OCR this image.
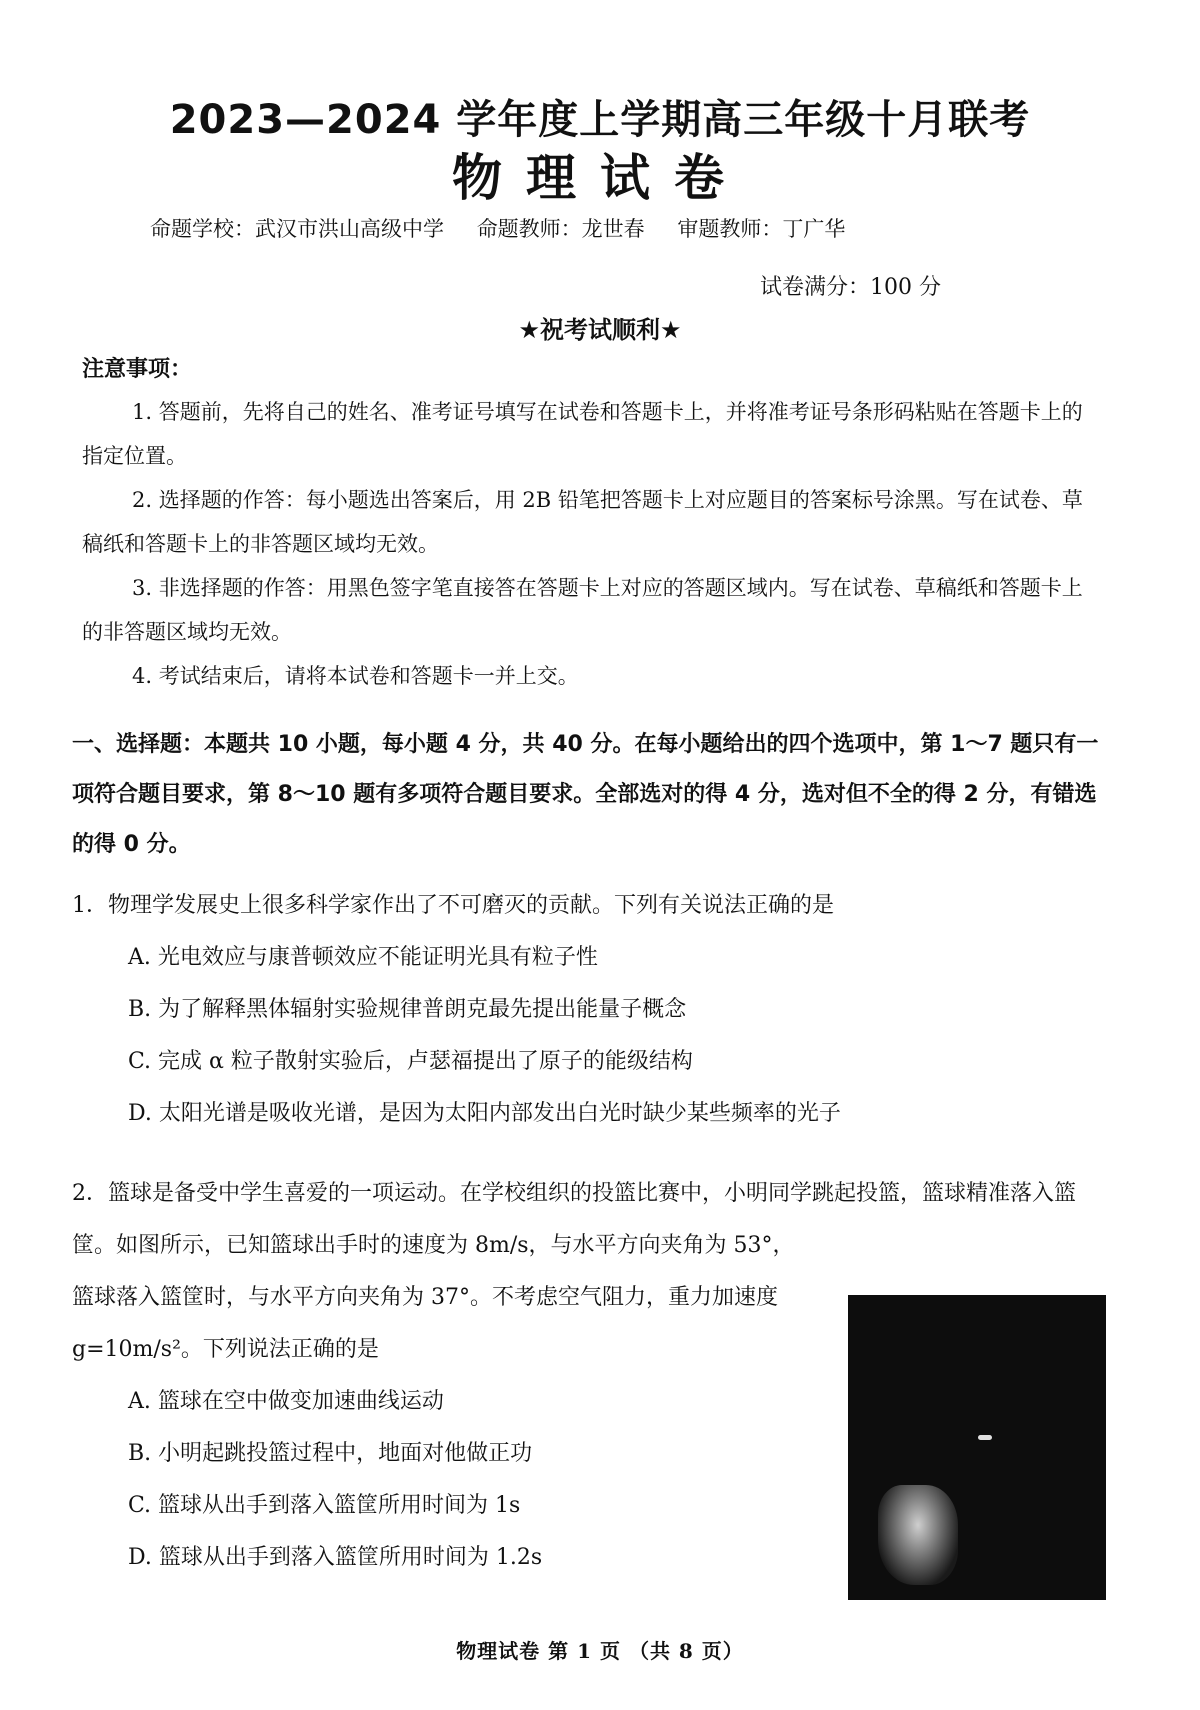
2023—2024 学年度上学期高三年级十月联考
物理试卷
命题学校：武汉市洪山高级中学 命题教师：龙世春 审题教师：丁广华
试卷满分：100 分
★祝考试顺利★
注意事项：

1. 答题前，先将自己的姓名、准考证号填写在试卷和答题卡上，并将准考证号条形码粘贴在答题卡上的指定位置。

2. 选择题的作答：每小题选出答案后，用 2B 铅笔把答题卡上对应题目的答案标号涂黑。写在试卷、草稿纸和答题卡上的非答题区域均无效。

3. 非选择题的作答：用黑色签字笔直接答在答题卡上对应的答题区域内。写在试卷、草稿纸和答题卡上的非答题区域均无效。

4. 考试结束后，请将本试卷和答题卡一并上交。

一、选择题：本题共 10 小题，每小题 4 分，共 40 分。在每小题给出的四个选项中，第 1～7 题只有一项符合题目要求，第 8～10 题有多项符合题目要求。全部选对的得 4 分，选对但不全的得 2 分，有错选的得 0 分。
1．物理学发展史上很多科学家作出了不可磨灭的贡献。下列有关说法正确的是
A. 光电效应与康普顿效应不能证明光具有粒子性
B. 为了解释黑体辐射实验规律普朗克最先提出能量子概念
C. 完成 α 粒子散射实验后，卢瑟福提出了原子的能级结构
D. 太阳光谱是吸收光谱，是因为太阳内部发出白光时缺少某些频率的光子
2．篮球是备受中学生喜爱的一项运动。在学校组织的投篮比赛中，小明同学跳起投篮，篮球精准落入篮筐。如图所示，已知篮球出手时的速度为 8m/s，与水平方向夹角为 53°，
篮球落入篮筐时，与水平方向夹角为 37°。不考虑空气阻力，重力加速度 g=10m/s²。下列说法正确的是
A. 篮球在空中做变加速曲线运动
B. 小明起跳投篮过程中，地面对他做正功
C. 篮球从出手到落入篮筐所用时间为 1s
D. 篮球从出手到落入篮筐所用时间为 1.2s
物理试卷 第 1 页 （共 8 页）
